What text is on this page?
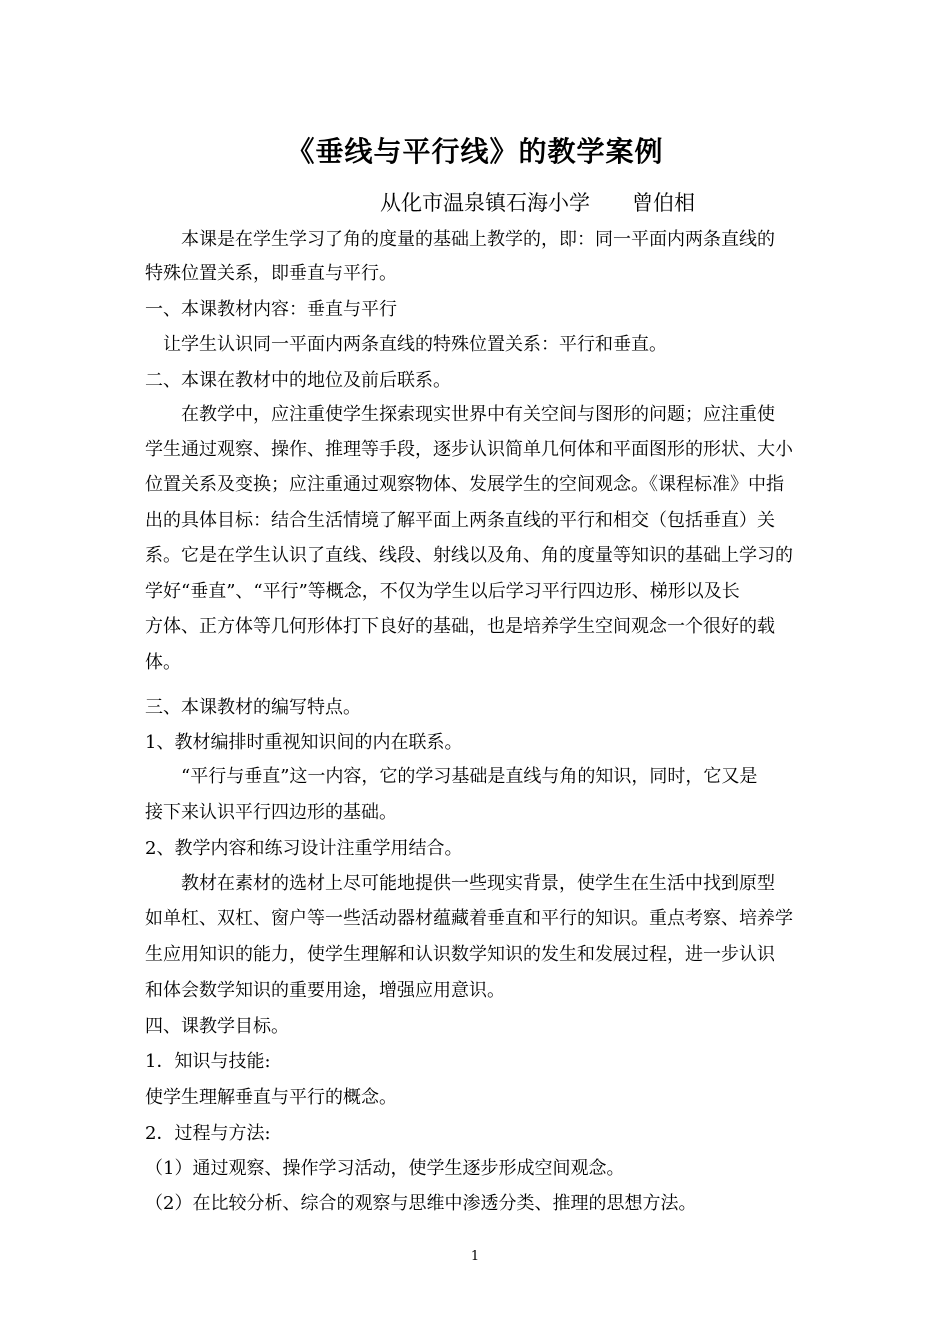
《垂线与平行线》的教学案例
从化市温泉镇石海小学　　曾伯相
　　本课是在学生学习了角的度量的基础上教学的，即：同一平面内两条直线的
特殊位置关系，即垂直与平行。
一、本课教材内容：垂直与平行
　让学生认识同一平面内两条直线的特殊位置关系：平行和垂直。
二、本课在教材中的地位及前后联系。
　　在教学中，应注重使学生探索现实世界中有关空间与图形的问题；应注重使
学生通过观察、操作、推理等手段，逐步认识简单几何体和平面图形的形状、大小
位置关系及变换；应注重通过观察物体、发展学生的空间观念。《课程标准》中指
出的具体目标：结合生活情境了解平面上两条直线的平行和相交（包括垂直）关
系。它是在学生认识了直线、线段、射线以及角、角的度量等知识的基础上学习的
学好“垂直”、“平行”等概念，不仅为学生以后学习平行四边形、梯形以及长
方体、正方体等几何形体打下良好的基础，也是培养学生空间观念一个很好的载
体。
三、本课教材的编写特点。
1、教材编排时重视知识间的内在联系。
　　“平行与垂直”这一内容，它的学习基础是直线与角的知识，同时，它又是
接下来认识平行四边形的基础。
2、教学内容和练习设计注重学用结合。
　　教材在素材的选材上尽可能地提供一些现实背景，使学生在生活中找到原型
如单杠、双杠、窗户等一些活动器材蕴藏着垂直和平行的知识。重点考察、培养学
生应用知识的能力，使学生理解和认识数学知识的发生和发展过程，进一步认识
和体会数学知识的重要用途，增强应用意识。
四、课教学目标。
1．知识与技能:
使学生理解垂直与平行的概念。
2．过程与方法:
（1）通过观察、操作学习活动，使学生逐步形成空间观念。
（2）在比较分析、综合的观察与思维中渗透分类、推理的思想方法。
1
